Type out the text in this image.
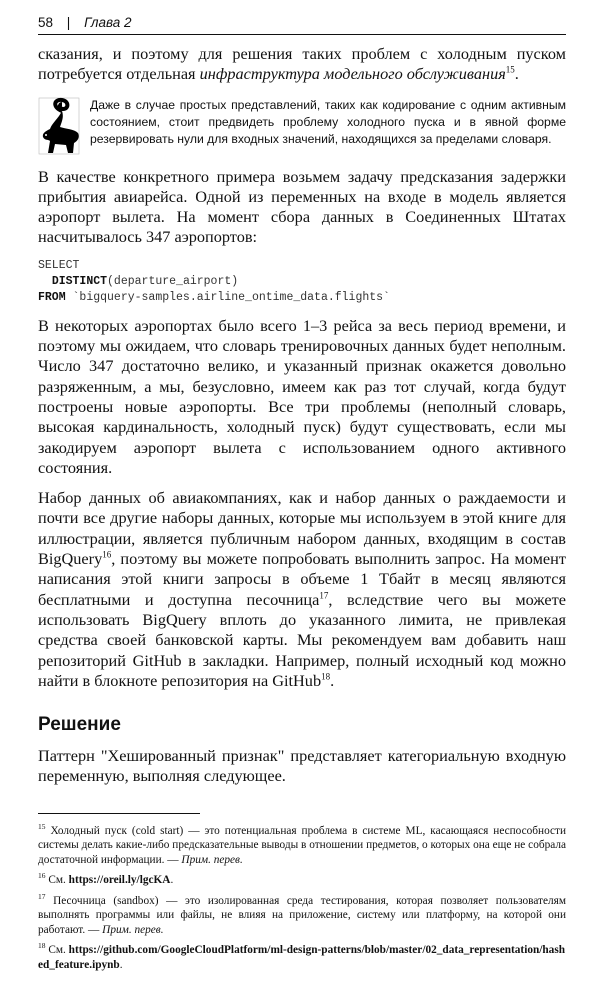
58 | Глава 2

сказания, и поэтому для решения таких проблем с холодным пуском потребуется отдельная инфраструктура модельного обслуживания$^{15}$.

Даже в случае простых представлений, таких как кодирование с одним активным состоянием, стоит предвидеть проблему холодного пуска и в явной форме резервировать нули для входных значений, находящихся за пределами словаря.

В качестве конкретного примера возьмем задачу предсказания задержки прибытия авиарейса. Одной из переменных на входе в модель является аэропорт вылета. На момент сбора данных в Соединенных Штатах насчитывалось 347 аэропортов:

SELECT
DISTINCT(departure_airport)
FROM `bigquery-samples.airline_ontime_data.flights`

В некоторых аэропортах было всего 1–3 рейса за весь период времени, и поэтому мы ожидаем, что словарь тренировочных данных будет неполным. Число 347 достаточно велико, и указанный признак окажется довольно разряженным, а мы, безусловно, имеем как раз тот случай, когда будут построены новые аэропорты. Все три проблемы (неполный словарь, высокая кардинальность, холодный пуск) будут существовать, если мы закодируем аэропорт вылета с использованием одного активного состояния.

Набор данных об авиакомпаниях, как и набор данных о раждаемости и почти все другие наборы данных, которые мы используем в этой книге для иллюстрации, является публичным набором данных, входящим в состав BigQuery$^{16}$, поэтому вы можете попробовать выполнить запрос. На момент написания этой книги запросы в объеме 1 Тбайт в месяц являются бесплатными и доступна песочница$^{17}$, вследствие чего вы можете использовать BigQuery вплоть до указанного лимита, не привлекая средства своей банковской карты. Мы рекомендуем вам добавить наш репозиторий GitHub в закладки. Например, полный исходный код можно найти в блокноте репозитория на GitHub$^{18}$.

Решение

Паттерн "Хешированный признак" представляет категориальную входную переменную, выполняя следующее.

$^{15}$ Холодный пуск (cold start) — это потенциальная проблема в системе ML, касающаяся неспособности системы делать какие-либо предсказательные выводы в отношении предметов, о которых она еще не собрала достаточной информации. — Прим. перев.
$^{16}$ См. https://oreil.ly/lgcKA.
$^{17}$ Песочница (sandbox) — это изолированная среда тестирования, которая позволяет пользователям выполнять программы или файлы, не влияя на приложение, систему или платформу, на которой они работают. — Прим. перев.
$^{18}$ См. https://github.com/GoogleCloudPlatform/ml-design-patterns/blob/master/02_data_representation/hashed_feature.ipynb.
